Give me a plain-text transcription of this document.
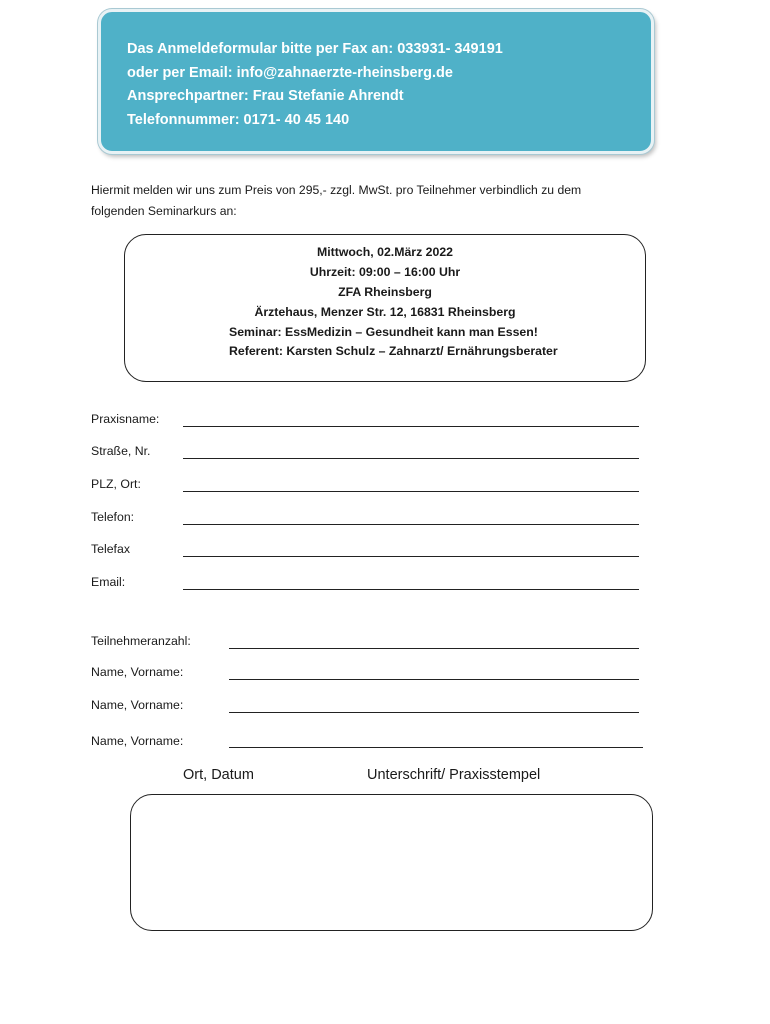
Das Anmeldeformular bitte per Fax an: 033931- 349191
oder per Email: info@zahnaerzte-rheinsberg.de
Ansprechpartner: Frau Stefanie Ahrendt
Telefonnummer: 0171- 40 45 140
Hiermit melden wir uns zum Preis von 295,- zzgl. MwSt. pro Teilnehmer verbindlich zu dem
folgenden Seminarkurs an:
Mittwoch, 02.März 2022
Uhrzeit: 09:00 – 16:00 Uhr
ZFA Rheinsberg
Ärztehaus, Menzer Str. 12, 16831 Rheinsberg
Seminar: EssMedizin – Gesundheit kann man Essen!
Referent: Karsten Schulz – Zahnarzt/ Ernährungsberater
Praxisname:
Straße, Nr.
PLZ, Ort:
Telefon:
Telefax
Email:
Teilnehmeranzahl:
Name, Vorname:
Name, Vorname:
Name, Vorname:
Ort, Datum	Unterschrift/ Praxisstempel
